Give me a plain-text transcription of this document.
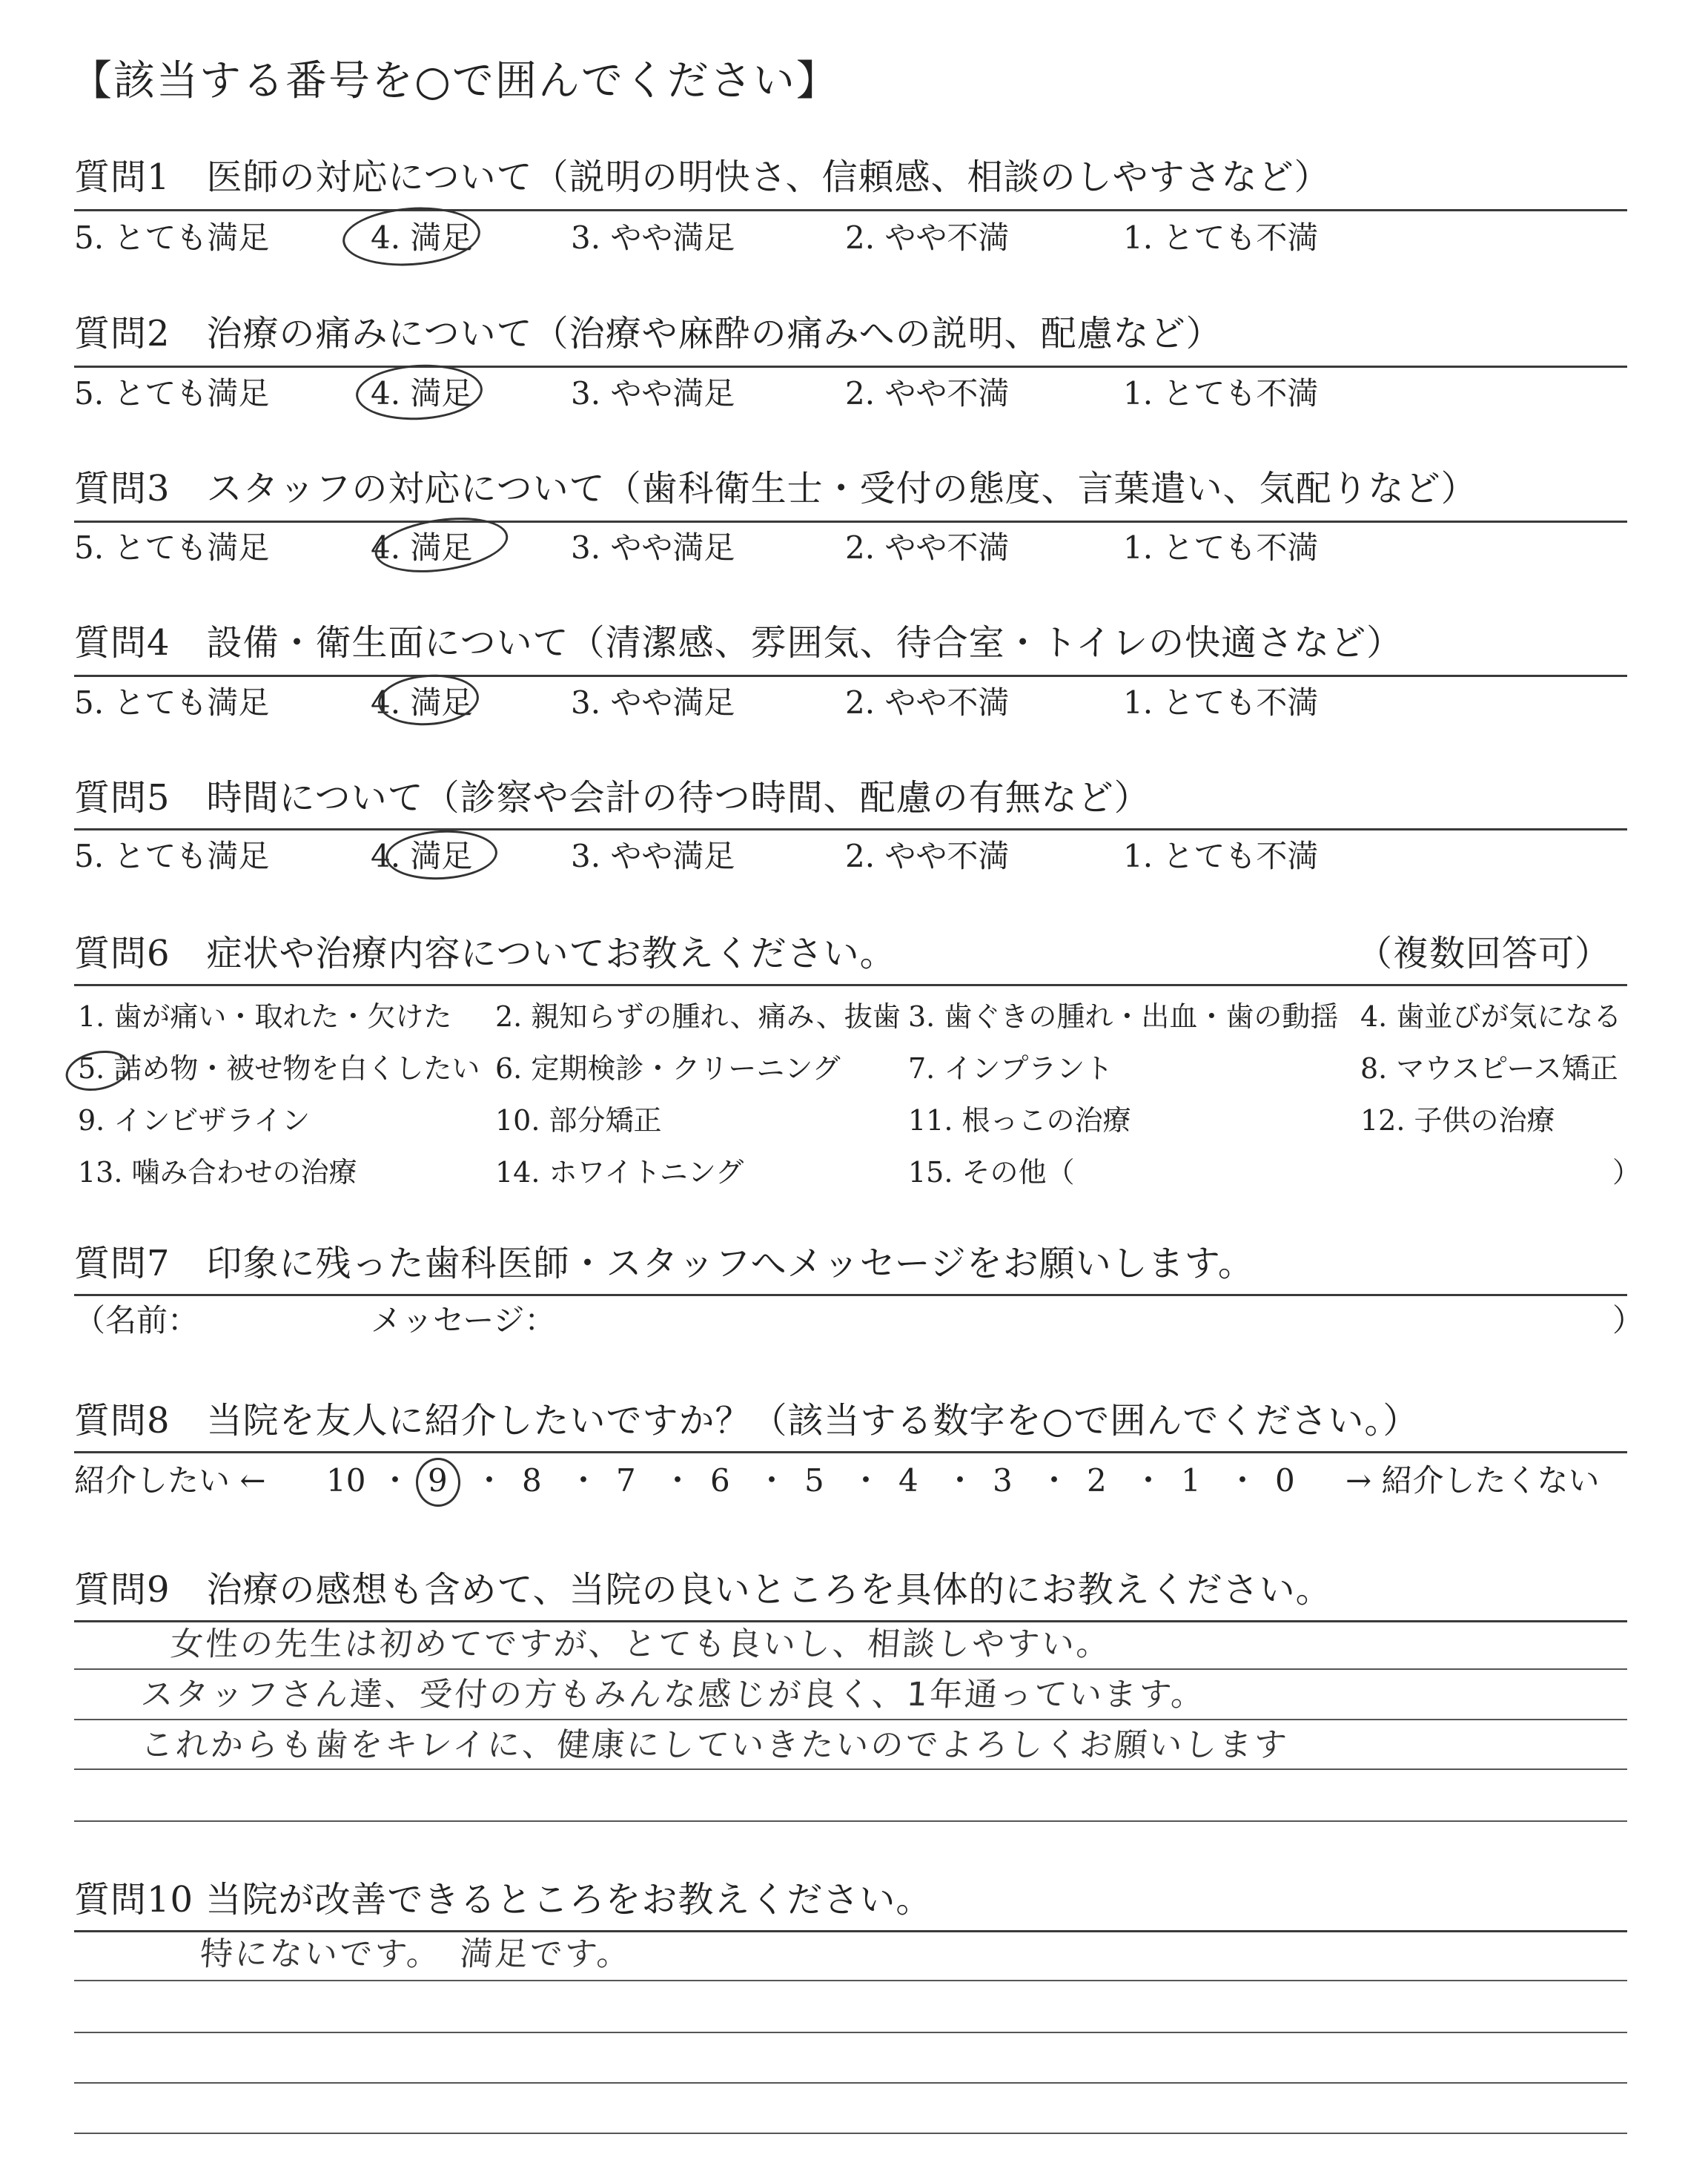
【該当する番号を○で囲んでください】
質問1　医師の対応について（説明の明快さ、信頼感、相談のしやすさなど）
5. とても満足	4. 満足	3. やや満足	2. やや不満	1. とても不満
質問2　治療の痛みについて（治療や麻酔の痛みへの説明、配慮など）
5. とても満足	4. 満足	3. やや満足	2. やや不満	1. とても不満
質問3　スタッフの対応について（歯科衛生士・受付の態度、言葉遣い、気配りなど）
5. とても満足	4. 満足	3. やや満足	2. やや不満	1. とても不満
質問4　設備・衛生面について（清潔感、雰囲気、待合室・トイレの快適さなど）
5. とても満足	4. 満足	3. やや満足	2. やや不満	1. とても不満
質問5　時間について（診察や会計の待つ時間、配慮の有無など）
5. とても満足	4. 満足	3. やや満足	2. やや不満	1. とても不満
質問6　症状や治療内容についてお教えください。	（複数回答可）
1. 歯が痛い・取れた・欠けた 2. 親知らずの腫れ、痛み、抜歯 3. 歯ぐきの腫れ・出血・歯の動揺 4. 歯並びが気になる
5. 詰め物・被せ物を白くしたい 6. 定期検診・クリーニング 7. インプラント	8. マウスピース矯正
9. インビザライン	10. 部分矯正	11. 根っこの治療	12. 子供の治療
13. 噛み合わせの治療	14. ホワイトニング	15. その他（	）
質問7　印象に残った歯科医師・スタッフへメッセージをお願いします。
（名前：	メッセージ：	）
質問8　当院を友人に紹介したいですか？（該当する数字を○で囲んでください。）
紹介したい ← 10 ・ 9 ・ 8 ・ 7 ・ 6 ・ 5 ・ 4 ・ 3 ・ 2 ・ 1 ・ 0 → 紹介したくない
質問9　治療の感想も含めて、当院の良いところを具体的にお教えください。
女性の先生は初めてですが、とても良いし、相談しやすい。
スタッフさん達、受付の方もみんな感じが良く、1年通っています。
これからも歯をキレイに、健康にしていきたいのでよろしくお願いします
質問10 当院が改善できるところをお教えください。
特にないです。　満足です。
